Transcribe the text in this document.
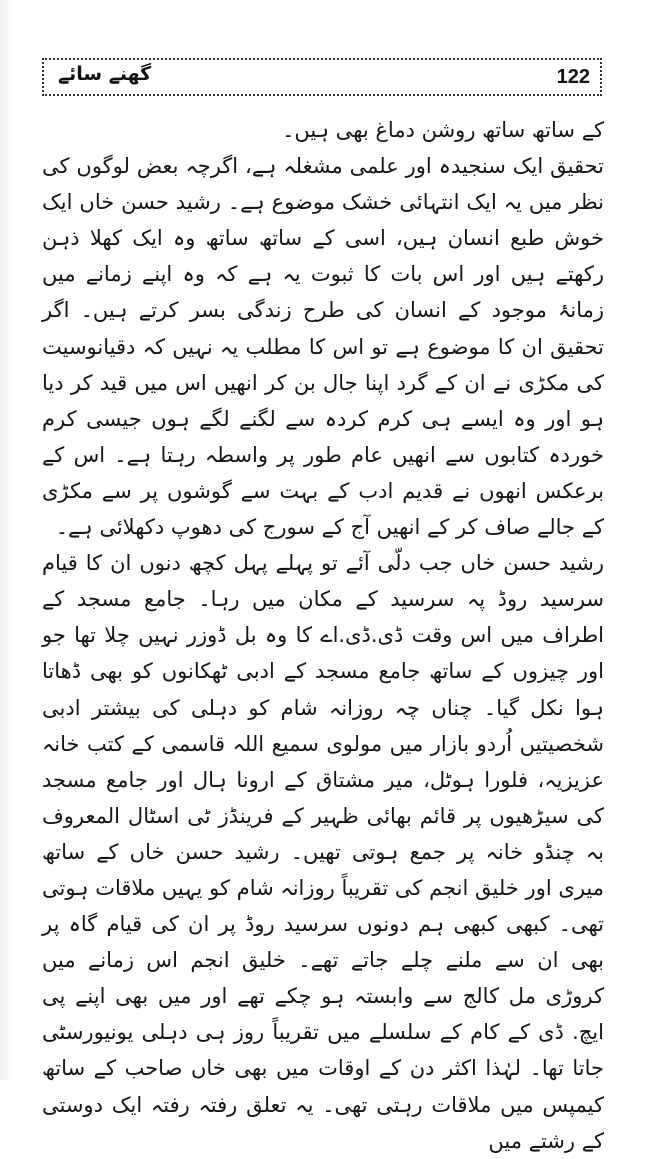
گھنے سائے	122

کے ساتھ ساتھ روشن دماغ بھی ہیں۔

تحقیق ایک سنجیدہ اور علمی مشغلہ ہے، اگرچہ بعض لوگوں کی نظر میں یہ ایک انتہائی خشک موضوع ہے۔ رشید حسن خاں ایک خوش طبع انسان ہیں، اسی کے ساتھ ساتھ وہ ایک کھلا ذہن رکھتے ہیں اور اس بات کا ثبوت یہ ہے کہ وہ اپنے زمانے میں زمانۂ موجود کے انسان کی طرح زندگی بسر کرتے ہیں۔ اگر تحقیق ان کا موضوع ہے تو اس کا مطلب یہ نہیں کہ دقیانوسیت کی مکڑی نے ان کے گرد اپنا جال بن کر انھیں اس میں قید کر دیا ہو اور وہ ایسے ہی کرم کردہ سے لگنے لگے ہوں جیسی کرم خوردہ کتابوں سے انھیں عام طور پر واسطہ رہتا ہے۔ اس کے برعکس انھوں نے قدیم ادب کے بہت سے گوشوں پر سے مکڑی کے جالے صاف کر کے انھیں آج کے سورج کی دھوپ دکھلائی ہے۔

رشید حسن خاں جب دلّی آئے تو پہلے پہل کچھ دنوں ان کا قیام سرسید روڈ پہ سرسید کے مکان میں رہا۔ جامع مسجد کے اطراف میں اس وقت ڈی.ڈی.اے کا وہ بل ڈوزر نہیں چلا تھا جو اور چیزوں کے ساتھ جامع مسجد کے ادبی ٹھکانوں کو بھی ڈھاتا ہوا نکل گیا۔ چناں چہ روزانہ شام کو دہلی کی بیشتر ادبی شخصیتیں اُردو بازار میں مولوی سمیع اللہ قاسمی کے کتب خانہ عزیزیہ، فلورا ہوٹل، میر مشتاق کے ارونا ہال اور جامع مسجد کی سیڑھیوں پر قائم بھائی ظہیر کے فرینڈز ٹی اسٹال المعروف بہ چنڈو خانہ پر جمع ہوتی تھیں۔ رشید حسن خاں کے ساتھ میری اور خلیق انجم کی تقریباً روزانہ شام کو یہیں ملاقات ہوتی تھی۔ کبھی کبھی ہم دونوں سرسید روڈ پر ان کی قیام گاہ پر بھی ان سے ملنے چلے جاتے تھے۔ خلیق انجم اس زمانے میں کروڑی مل کالج سے وابستہ ہو چکے تھے اور میں بھی اپنے پی ایچ. ڈی کے کام کے سلسلے میں تقریباً روز ہی دہلی یونیورسٹی جاتا تھا۔ لہٰذا اکثر دن کے اوقات میں بھی خاں صاحب کے ساتھ کیمپس میں ملاقات رہتی تھی۔ یہ تعلق رفتہ رفتہ ایک دوستی کے رشتے میں
